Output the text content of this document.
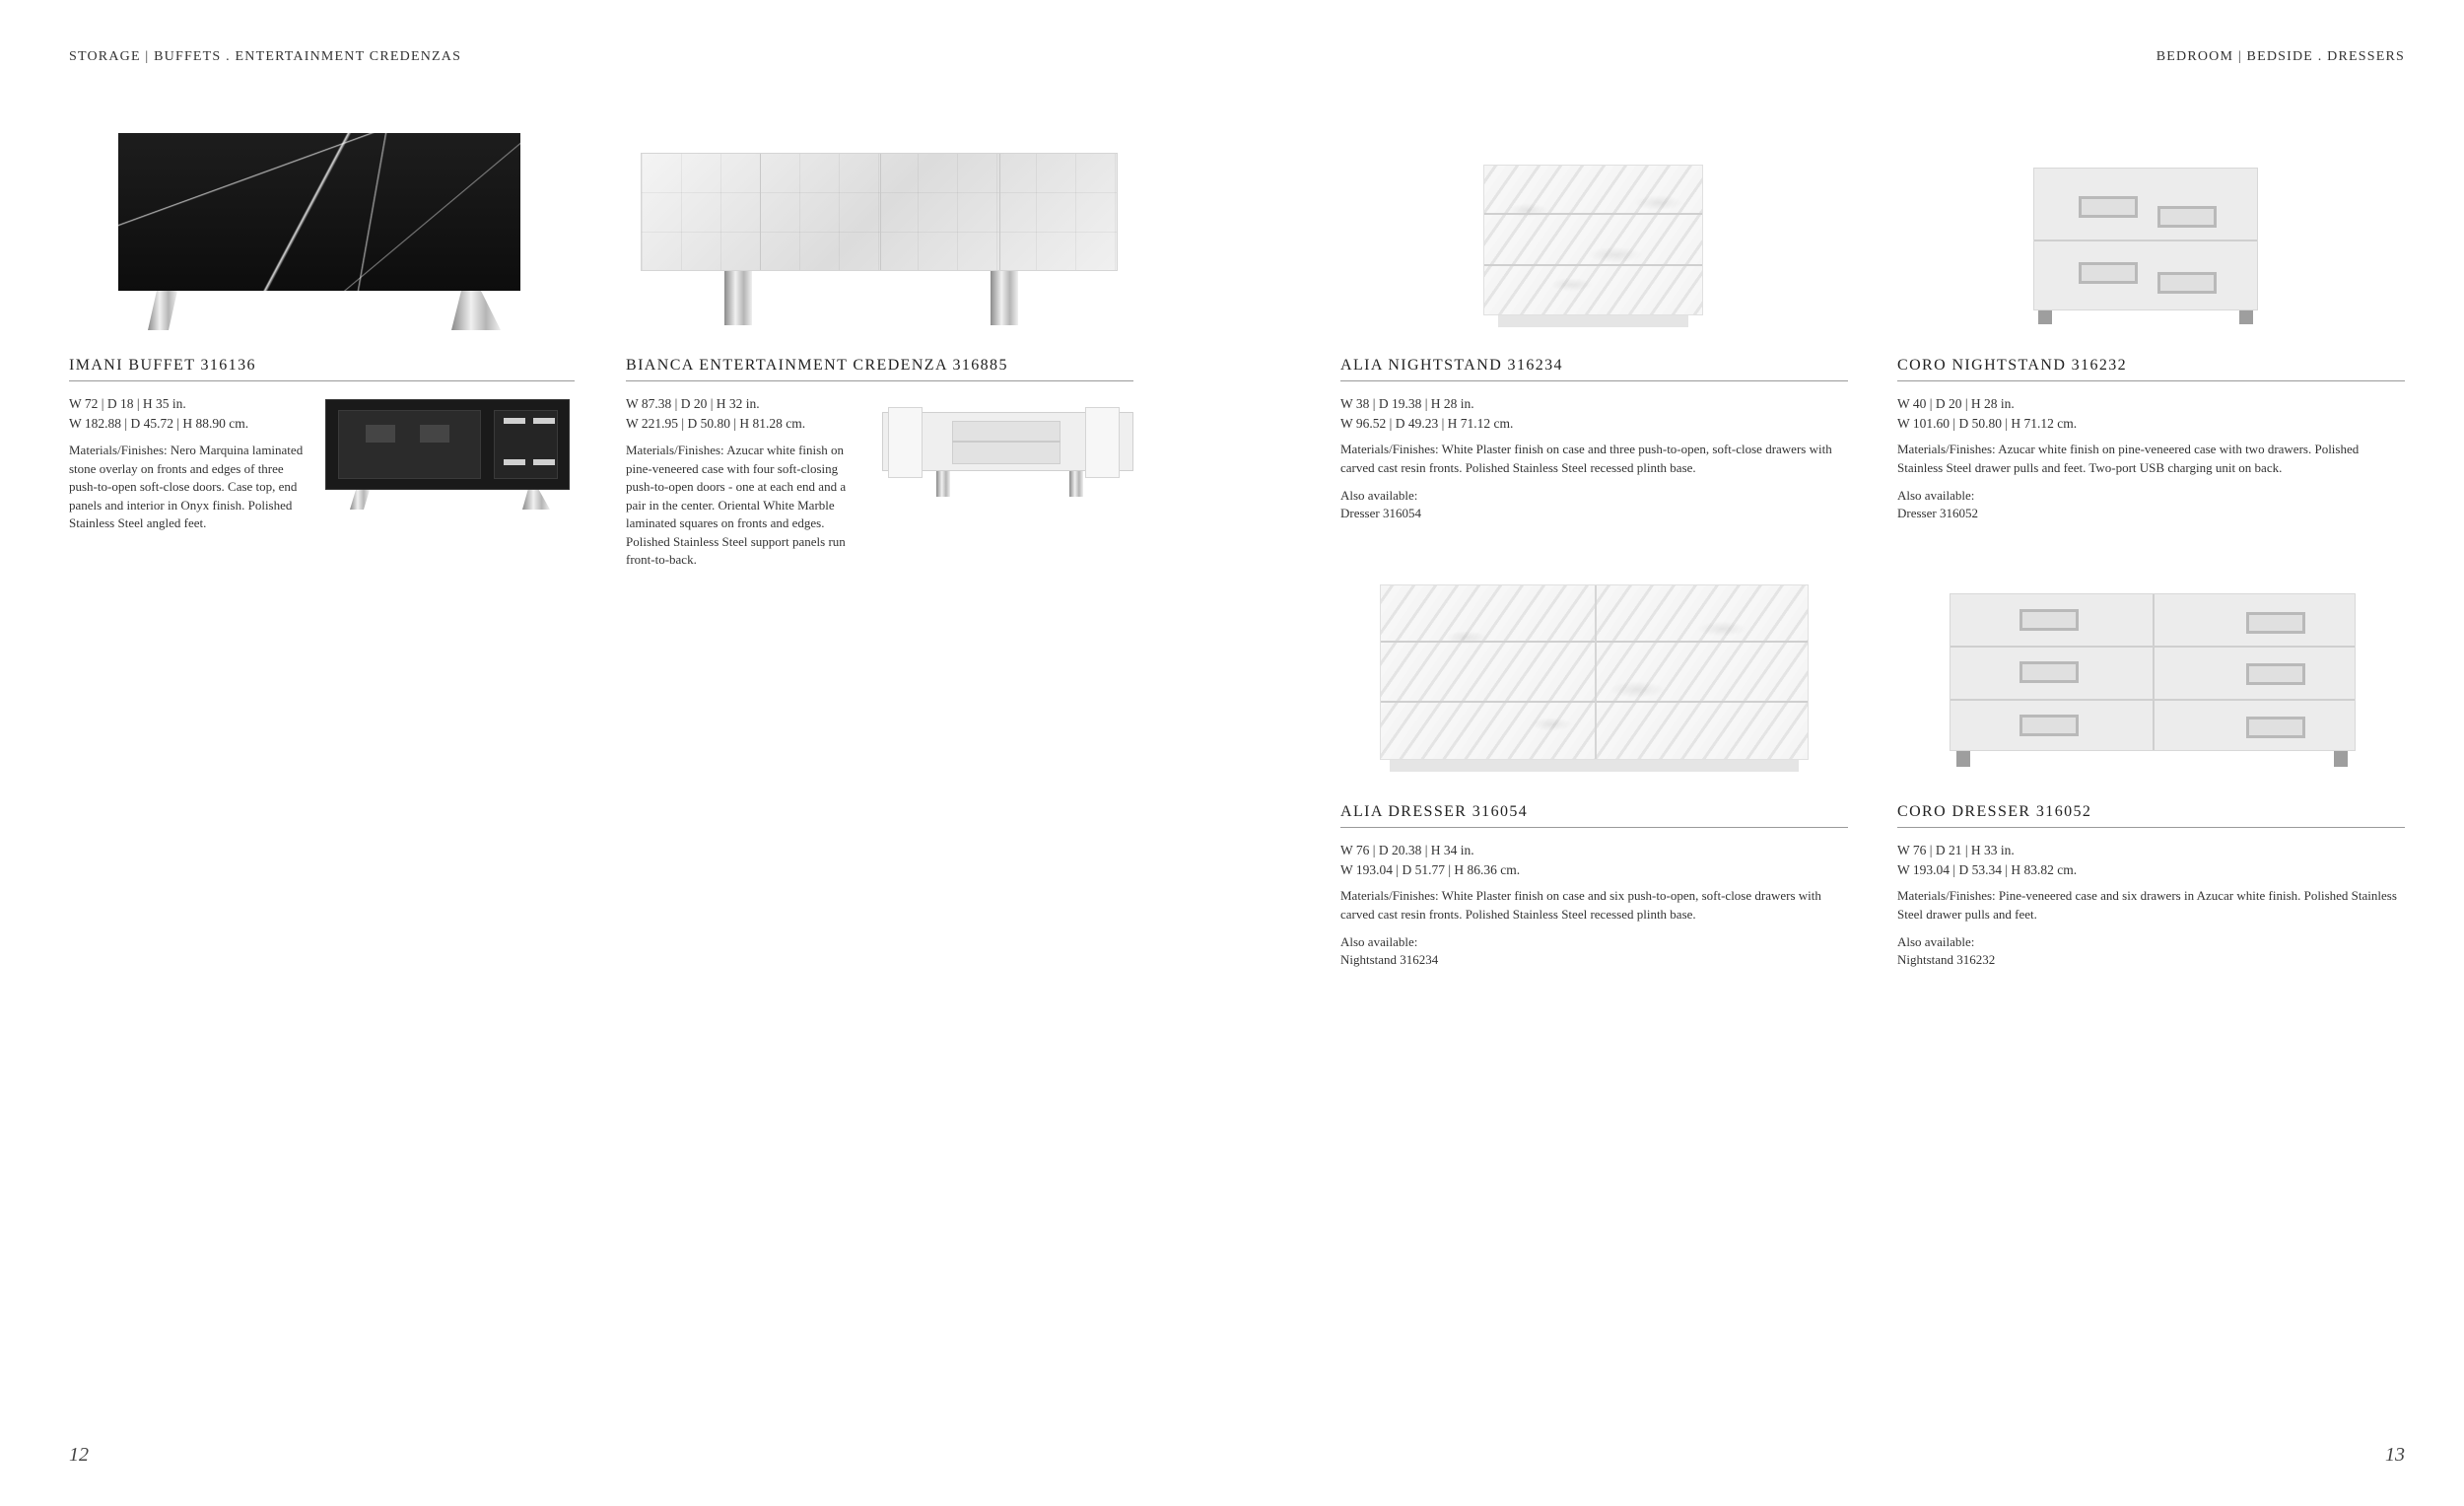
STORAGE | BUFFETS . ENTERTAINMENT CREDENZAS	BEDROOM | BEDSIDE . DRESSERS
IMANI BUFFET 316136
W 72 | D 18 | H 35 in.
W 182.88 | D 45.72 | H 88.90 cm.
Materials/Finishes: Nero Marquina laminated stone overlay on fronts and edges of three push-to-open soft-close doors. Case top, end panels and interior in Onyx finish. Polished Stainless Steel angled feet.
BIANCA ENTERTAINMENT CREDENZA 316885
W 87.38 | D 20 | H 32 in.
W 221.95 | D 50.80 | H 81.28 cm.
Materials/Finishes: Azucar white finish on pine-veneered case with four soft-closing push-to-open doors - one at each end and a pair in the center. Oriental White Marble laminated squares on fronts and edges. Polished Stainless Steel support panels run front-to-back.
ALIA NIGHTSTAND 316234
W 38 | D 19.38 | H 28 in.
W 96.52 | D 49.23 | H 71.12 cm.
Materials/Finishes: White Plaster finish on case and three push-to-open, soft-close drawers with carved cast resin fronts. Polished Stainless Steel recessed plinth base.
Also available:
Dresser 316054
CORO NIGHTSTAND 316232
W 40 | D 20 | H 28 in.
W 101.60 | D 50.80 | H 71.12 cm.
Materials/Finishes: Azucar white finish on pine-veneered case with two drawers. Polished Stainless Steel drawer pulls and feet. Two-port USB charging unit on back.
Also available:
Dresser 316052
ALIA DRESSER 316054
W 76 | D 20.38 | H 34 in.
W 193.04 | D 51.77 | H 86.36 cm.
Materials/Finishes: White Plaster finish on case and six push-to-open, soft-close drawers with carved cast resin fronts. Polished Stainless Steel recessed plinth base.
Also available:
Nightstand 316234
CORO DRESSER 316052
W 76 | D 21 | H 33 in.
W 193.04 | D 53.34 | H 83.82 cm.
Materials/Finishes: Pine-veneered case and six drawers in Azucar white finish. Polished Stainless Steel drawer pulls and feet.
Also available:
Nightstand 316232
12	13
